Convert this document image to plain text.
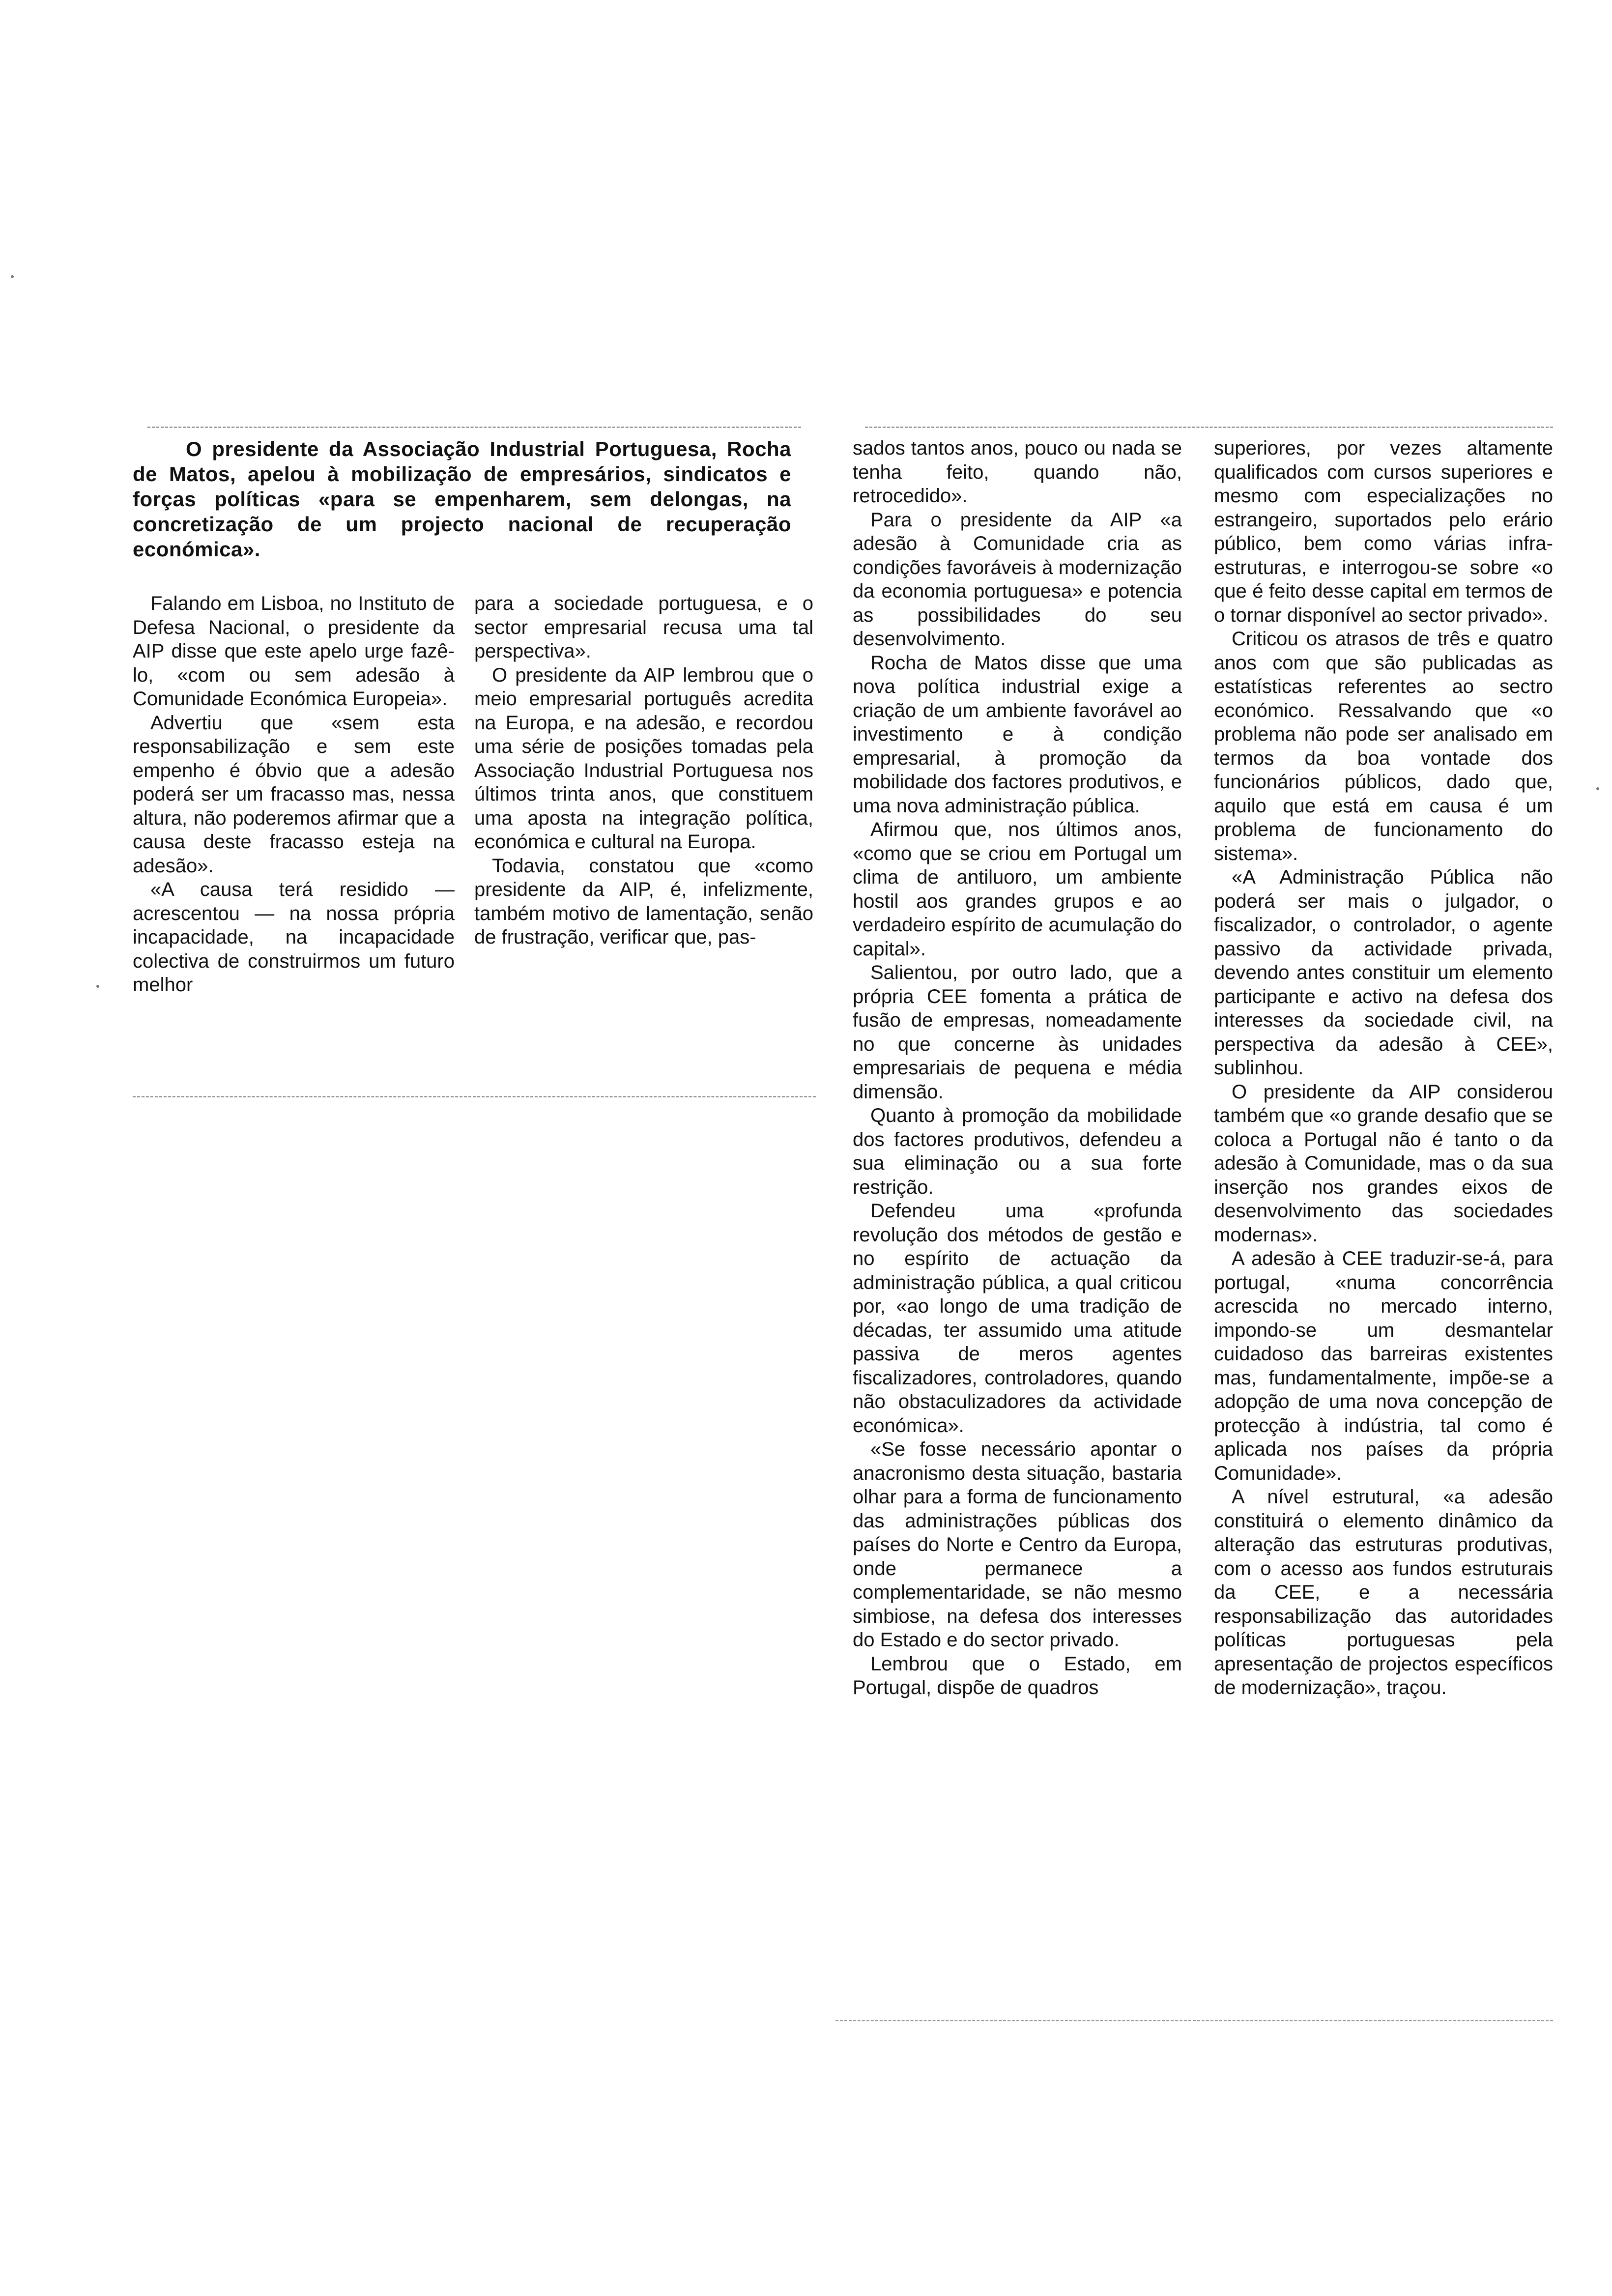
O presidente da Associação Industrial Portuguesa, Rocha de Matos, apelou à mobilização de empresários, sindicatos e forças políticas «para se empenharem, sem delongas, na concretização de um projecto nacional de recuperação económica».

Falando em Lisboa, no Instituto de Defesa Nacional, o presidente da AIP disse que este apelo urge fazê-lo, «com ou sem adesão à Comunidade Económica Europeia».

Advertiu que «sem esta responsabilização e sem este empenho é óbvio que a adesão poderá ser um fracasso mas, nessa altura, não poderemos afirmar que a causa deste fracasso esteja na adesão».

«A causa terá residido — acrescentou — na nossa própria incapacidade, na incapacidade colectiva de construirmos um futuro melhor

para a sociedade portuguesa, e o sector empresarial recusa uma tal perspectiva».

O presidente da AIP lembrou que o meio empresarial português acredita na Europa, e na adesão, e recordou uma série de posições tomadas pela Associação Industrial Portuguesa nos últimos trinta anos, que constituem uma aposta na integração política, económica e cultural na Europa.

Todavia, constatou que «como presidente da AIP, é, infelizmente, também motivo de lamentação, senão de frustração, verificar que, pas-

sados tantos anos, pouco ou nada se tenha feito, quando não, retrocedido».

Para o presidente da AIP «a adesão à Comunidade cria as condições favoráveis à modernização da economia portuguesa» e potencia as possibilidades do seu desenvolvimento.

Rocha de Matos disse que uma nova política industrial exige a criação de um ambiente favorável ao investimento e à condição empresarial, à promoção da mobilidade dos factores produtivos, e uma nova administração pública.

Afirmou que, nos últimos anos, «como que se criou em Portugal um clima de antiluoro, um ambiente hostil aos grandes grupos e ao verdadeiro espírito de acumulação do capital».

Salientou, por outro lado, que a própria CEE fomenta a prática de fusão de empresas, nomeadamente no que concerne às unidades empresariais de pequena e média dimensão.

Quanto à promoção da mobilidade dos factores produtivos, defendeu a sua eliminação ou a sua forte restrição.

Defendeu uma «profunda revolução dos métodos de gestão e no espírito de actuação da administração pública, a qual criticou por, «ao longo de uma tradição de décadas, ter assumido uma atitude passiva de meros agentes fiscalizadores, controladores, quando não obstaculizadores da actividade económica».

«Se fosse necessário apontar o anacronismo desta situação, bastaria olhar para a forma de funcionamento das administrações públicas dos países do Norte e Centro da Europa, onde permanece a complementaridade, se não mesmo simbiose, na defesa dos interesses do Estado e do sector privado.

Lembrou que o Estado, em Portugal, dispõe de quadros

superiores, por vezes altamente qualificados com cursos superiores e mesmo com especializações no estrangeiro, suportados pelo erário público, bem como várias infra-estruturas, e interrogou-se sobre «o que é feito desse capital em termos de o tornar disponível ao sector privado».

Criticou os atrasos de três e quatro anos com que são publicadas as estatísticas referentes ao sectro económico. Ressalvando que «o problema não pode ser analisado em termos da boa vontade dos funcionários públicos, dado que, aquilo que está em causa é um problema de funcionamento do sistema».

«A Administração Pública não poderá ser mais o julgador, o fiscalizador, o controlador, o agente passivo da actividade privada, devendo antes constituir um elemento participante e activo na defesa dos interesses da sociedade civil, na perspectiva da adesão à CEE», sublinhou.

O presidente da AIP considerou também que «o grande desafio que se coloca a Portugal não é tanto o da adesão à Comunidade, mas o da sua inserção nos grandes eixos de desenvolvimento das sociedades modernas».

A adesão à CEE traduzir-se-á, para portugal, «numa concorrência acrescida no mercado interno, impondo-se um desmantelar cuidadoso das barreiras existentes mas, fundamentalmente, impõe-se a adopção de uma nova concepção de protecção à indústria, tal como é aplicada nos países da própria Comunidade».

A nível estrutural, «a adesão constituirá o elemento dinâmico da alteração das estruturas produtivas, com o acesso aos fundos estruturais da CEE, e a necessária responsabilização das autoridades políticas portuguesas pela apresentação de projectos específicos de modernização», traçou.
